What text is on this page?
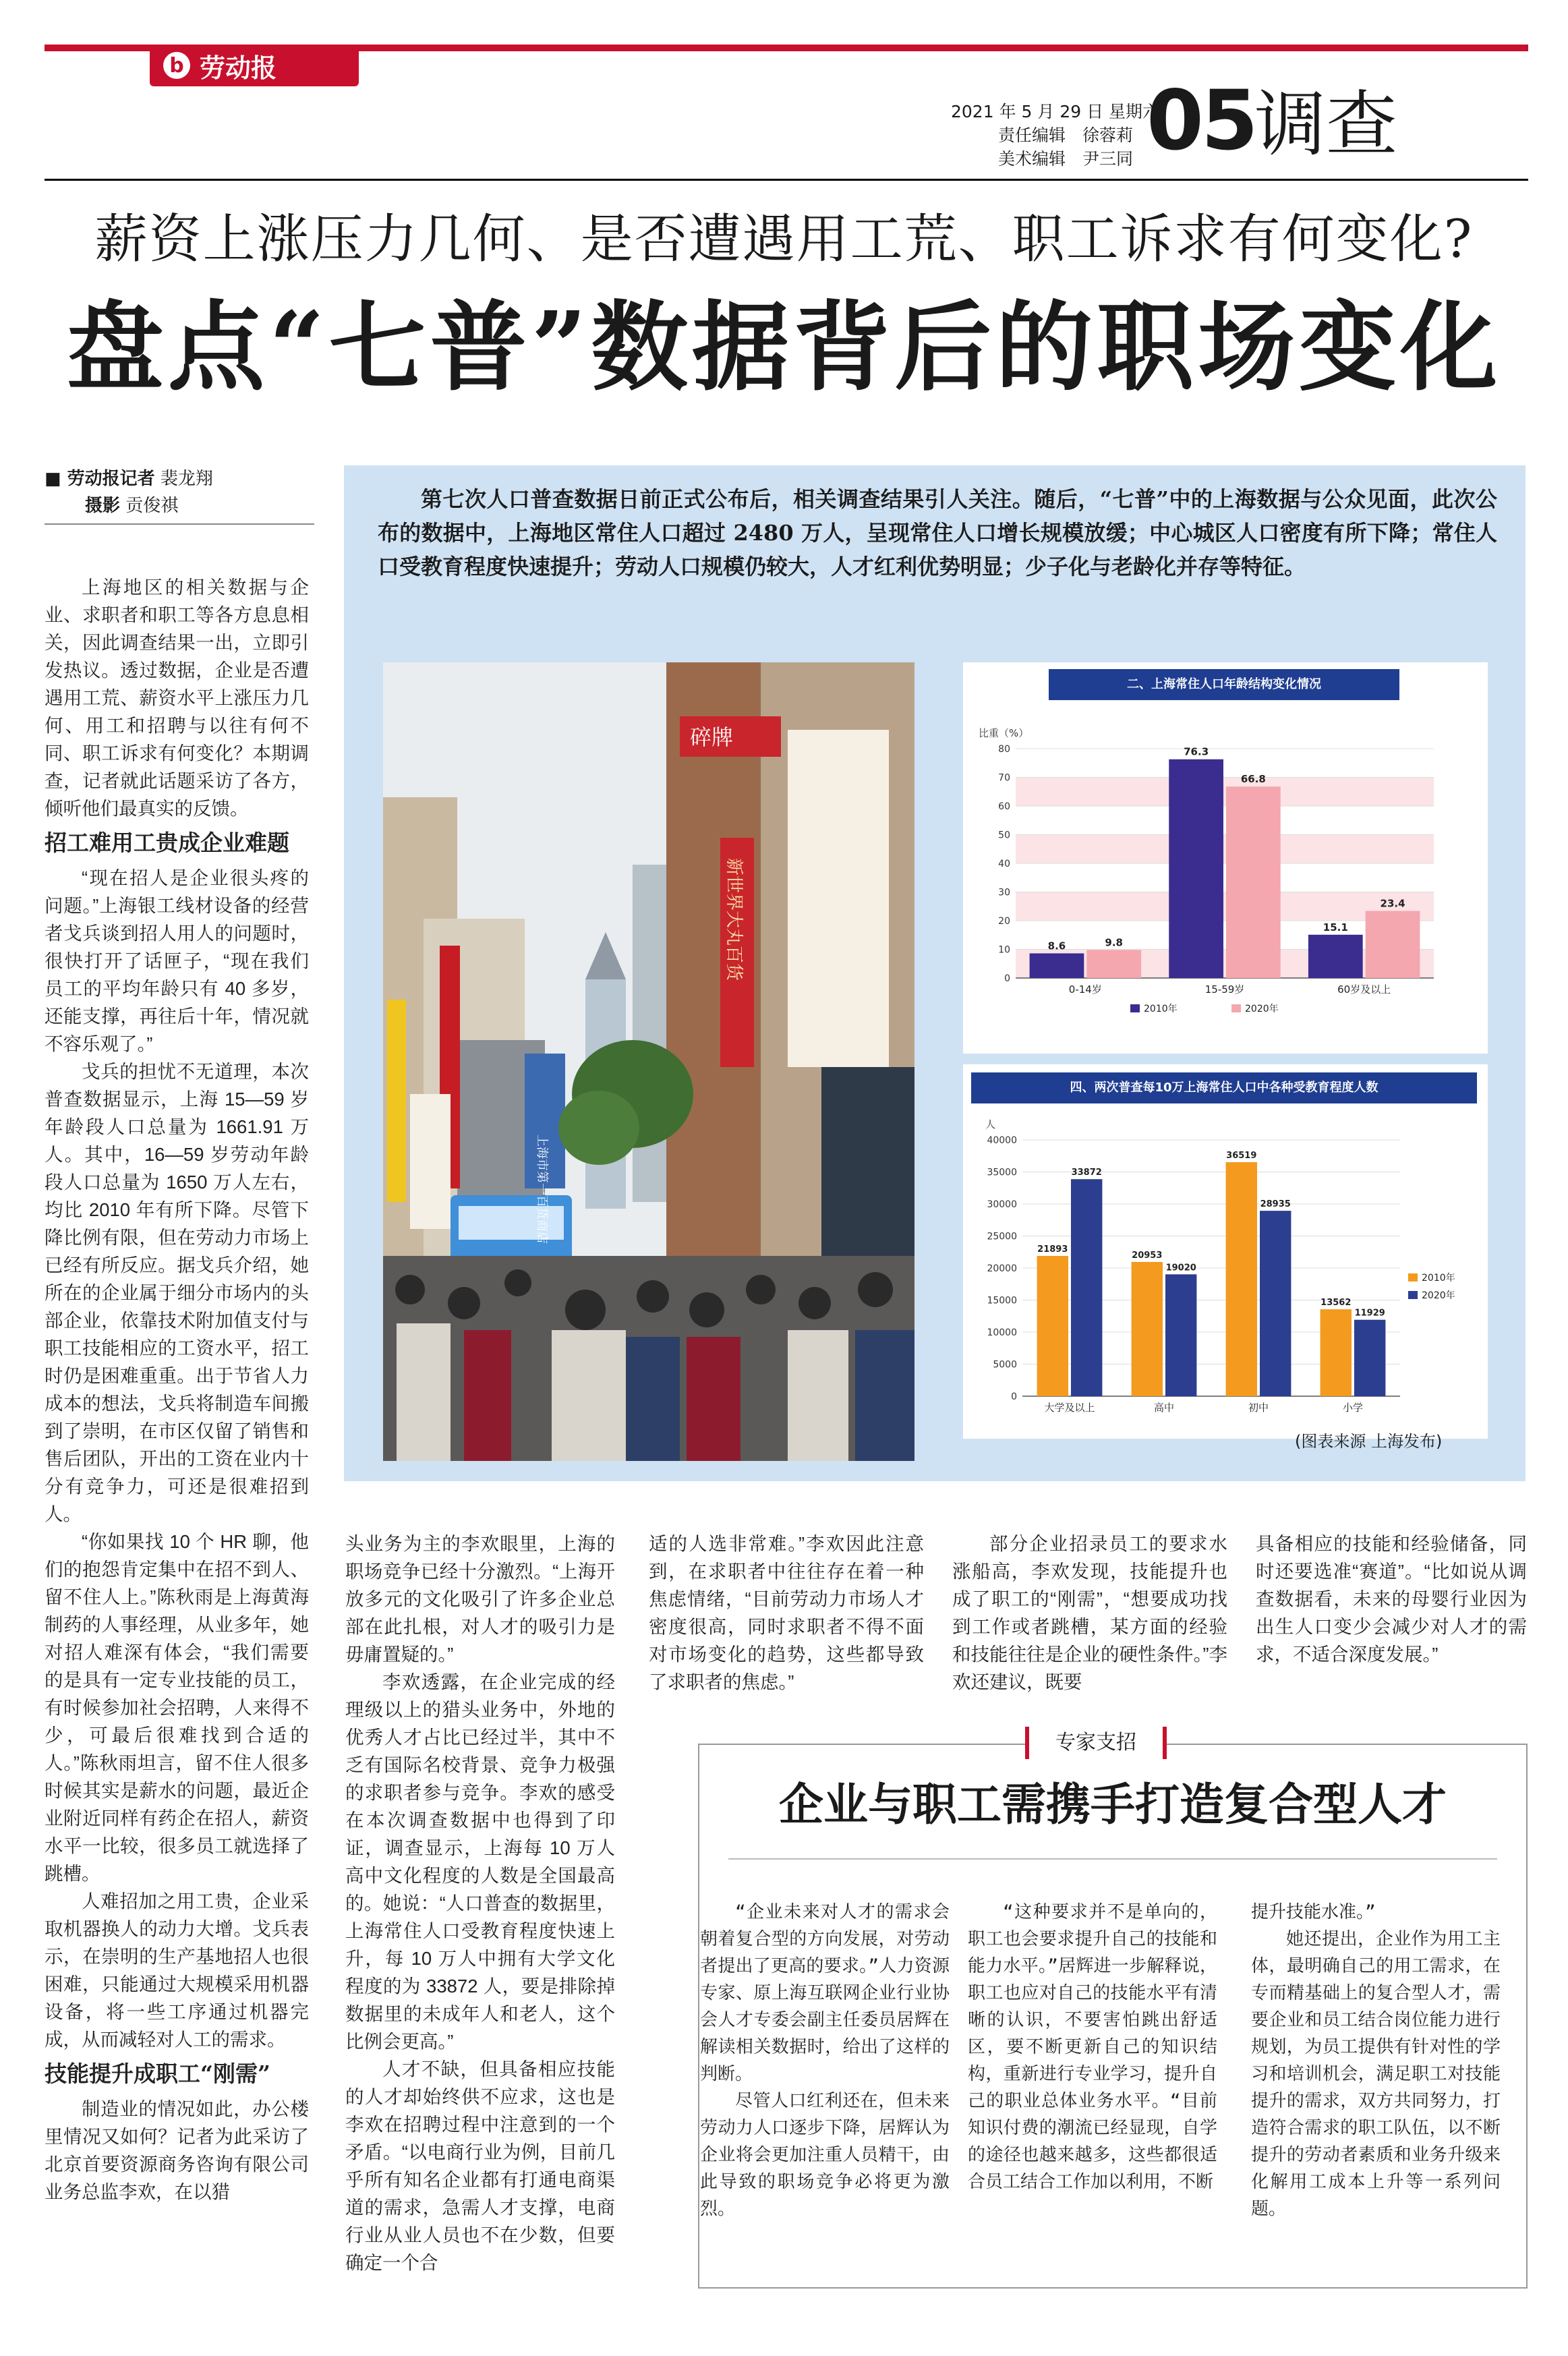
b 劳动报
2021 年 5 月 29 日 星期六
责任编辑　徐蓉莉
美术编辑　尹三同 05
调查
薪资上涨压力几何、是否遭遇用工荒、职工诉求有何变化?
盘点“七普”数据背后的职场变化
■ 劳动报记者 裴龙翔
摄影 贡俊祺

上海地区的相关数据与企业、求职者和职工等各方息息相关，因此调查结果一出，立即引发热议。透过数据，企业是否遭遇用工荒、薪资水平上涨压力几何、用工和招聘与以往有何不同、职工诉求有何变化？本期调查，记者就此话题采访了各方，倾听他们最真实的反馈。

招工难用工贵成企业难题

“现在招人是企业很头疼的问题。”上海银工线材设备的经营者戈兵谈到招人用人的问题时，很快打开了话匣子，“现在我们员工的平均年龄只有 40 多岁，还能支撑，再往后十年，情况就不容乐观了。”

戈兵的担忧不无道理，本次普查数据显示，上海 15—59 岁年龄段人口总量为 1661.91 万人。其中，16—59 岁劳动年龄段人口总量为 1650 万人左右，均比 2010 年有所下降。尽管下降比例有限，但在劳动力市场上已经有所反应。据戈兵介绍，她所在的企业属于细分市场内的头部企业，依靠技术附加值支付与职工技能相应的工资水平，招工时仍是困难重重。出于节省人力成本的想法，戈兵将制造车间搬到了崇明，在市区仅留了销售和售后团队，开出的工资在业内十分有竞争力，可还是很难招到人。

“你如果找 10 个 HR 聊，他们的抱怨肯定集中在招不到人、留不住人上。”陈秋雨是上海黄海制药的人事经理，从业多年，她对招人难深有体会，“我们需要的是具有一定专业技能的员工，有时候参加社会招聘，人来得不少，可最后很难找到合适的人。”陈秋雨坦言，留不住人很多时候其实是薪水的问题，最近企业附近同样有药企在招人，薪资水平一比较，很多员工就选择了跳槽。

人难招加之用工贵，企业采取机器换人的动力大增。戈兵表示，在崇明的生产基地招人也很困难，只能通过大规模采用机器设备，将一些工序通过机器完成，从而减轻对人工的需求。

技能提升成职工“刚需”

制造业的情况如此，办公楼里情况又如何？记者为此采访了北京首要资源商务咨询有限公司业务总监李欢，在以猎

第七次人口普查数据日前正式公布后，相关调查结果引人关注。随后，“七普”中的上海数据与公众见面，此次公布的数据中，上海地区常住人口超过 2480 万人，呈现常住人口增长规模放缓；中心城区人口密度有所下降；常住人口受教育程度快速提升；劳动人口规模仍较大，人才红利优势明显；少子化与老龄化并存等特征。
上海市第一百货商店
新世界大丸百货
碎牌
二、上海常住人口年龄结构变化情况
比重（%）
0
10
20
30
40
50
60
70
80
0-14岁
8.6	9.8
15-59岁
76.3
66.8
60岁及以上
15.1
23.4
2010年	2020年
四、两次普查每10万上海常住人口中各种受教育程度人数
人
0
5000
10000
15000
20000
25000
30000
35000
40000
大学及以上
21893
33872
高中
20953
19020
初中
36519
28935
小学
13562
11929
2010年
2020年
(图表来源 上海发布)

头业务为主的李欢眼里，上海的职场竞争已经十分激烈。“上海开放多元的文化吸引了许多企业总部在此扎根，对人才的吸引力是毋庸置疑的。”

李欢透露，在企业完成的经理级以上的猎头业务中，外地的优秀人才占比已经过半，其中不乏有国际名校背景、竞争力极强的求职者参与竞争。李欢的感受在本次调查数据中也得到了印证，调查显示，上海每 10 万人高中文化程度的人数是全国最高的。她说：“人口普查的数据里，上海常住人口受教育程度快速上升，每 10 万人中拥有大学文化程度的为 33872 人，要是排除掉数据里的未成年人和老人，这个比例会更高。”

人才不缺，但具备相应技能的人才却始终供不应求，这也是李欢在招聘过程中注意到的一个矛盾。“以电商行业为例，目前几乎所有知名企业都有打通电商渠道的需求，急需人才支撑，电商行业从业人员也不在少数，但要确定一个合

适的人选非常难。”李欢因此注意到，在求职者中往往存在着一种焦虑情绪，“目前劳动力市场人才密度很高，同时求职者不得不面对市场变化的趋势，这些都导致了求职者的焦虑。”

部分企业招录员工的要求水涨船高，李欢发现，技能提升也成了职工的“刚需”，“想要成功找到工作或者跳槽，某方面的经验和技能往往是企业的硬性条件。”李欢还建议，既要

具备相应的技能和经验储备，同时还要选准“赛道”。“比如说从调查数据看，未来的母婴行业因为出生人口变少会减少对人才的需求，不适合深度发展。”

专家支招
企业与职工需携手打造复合型人才

“企业未来对人才的需求会朝着复合型的方向发展，对劳动者提出了更高的要求。”人力资源专家、原上海互联网企业行业协会人才专委会副主任委员居辉在解读相关数据时，给出了这样的判断。

尽管人口红利还在，但未来劳动力人口逐步下降，居辉认为企业将会更加注重人员精干，由此导致的职场竞争必将更为激烈。

“这种要求并不是单向的，职工也会要求提升自己的技能和能力水平。”居辉进一步解释说，职工也应对自己的技能水平有清晰的认识，不要害怕跳出舒适区，要不断更新自己的知识结构，重新进行专业学习，提升自己的职业总体业务水平。“目前知识付费的潮流已经显现，自学的途径也越来越多，这些都很适合员工结合工作加以利用，不断

提升技能水准。”

她还提出，企业作为用工主体，最明确自己的用工需求，在专而精基础上的复合型人才，需要企业和员工结合岗位能力进行规划，为员工提供有针对性的学习和培训机会，满足职工对技能提升的需求，双方共同努力，打造符合需求的职工队伍，以不断提升的劳动者素质和业务升级来化解用工成本上升等一系列问题。
